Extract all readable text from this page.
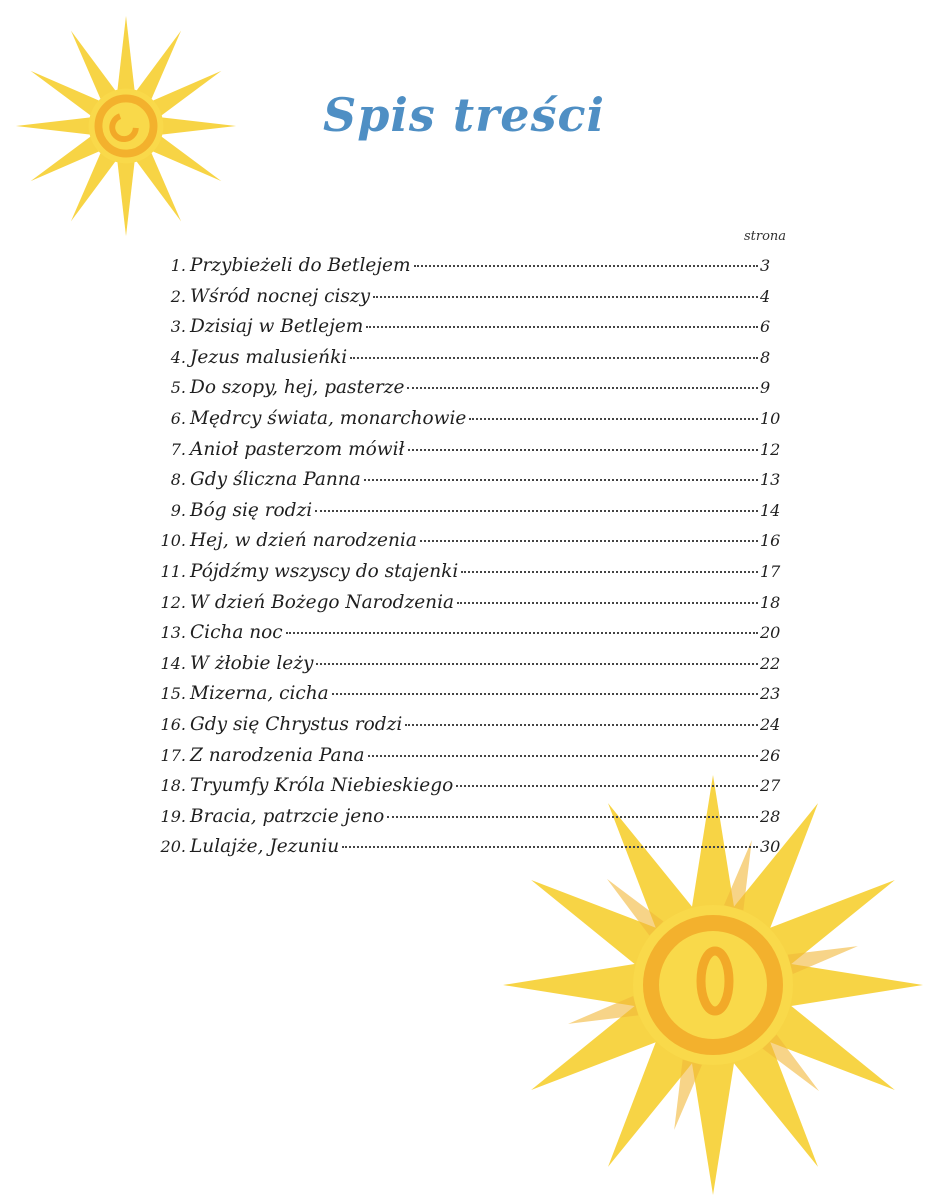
Spis treści
strona
1. Przybieżeli do Betlejem	3
2. Wśród nocnej ciszy	4
3. Dzisiaj w Betlejem	6
4. Jezus malusieńki	8
5. Do szopy, hej, pasterze	9
6. Mędrcy świata, monarchowie	10
7. Anioł pasterzom mówił	12
8. Gdy śliczna Panna	13
9. Bóg się rodzi	14
10. Hej, w dzień narodzenia	16
11. Pójdźmy wszyscy do stajenki	17
12. W dzień Bożego Narodzenia	18
13. Cicha noc	20
14. W żłobie leży	22
15. Mizerna, cicha	23
16. Gdy się Chrystus rodzi	24
17. Z narodzenia Pana	26
18. Tryumfy Króla Niebieskiego	27
19. Bracia, patrzcie jeno	28
20. Lulajże, Jezuniu	30
